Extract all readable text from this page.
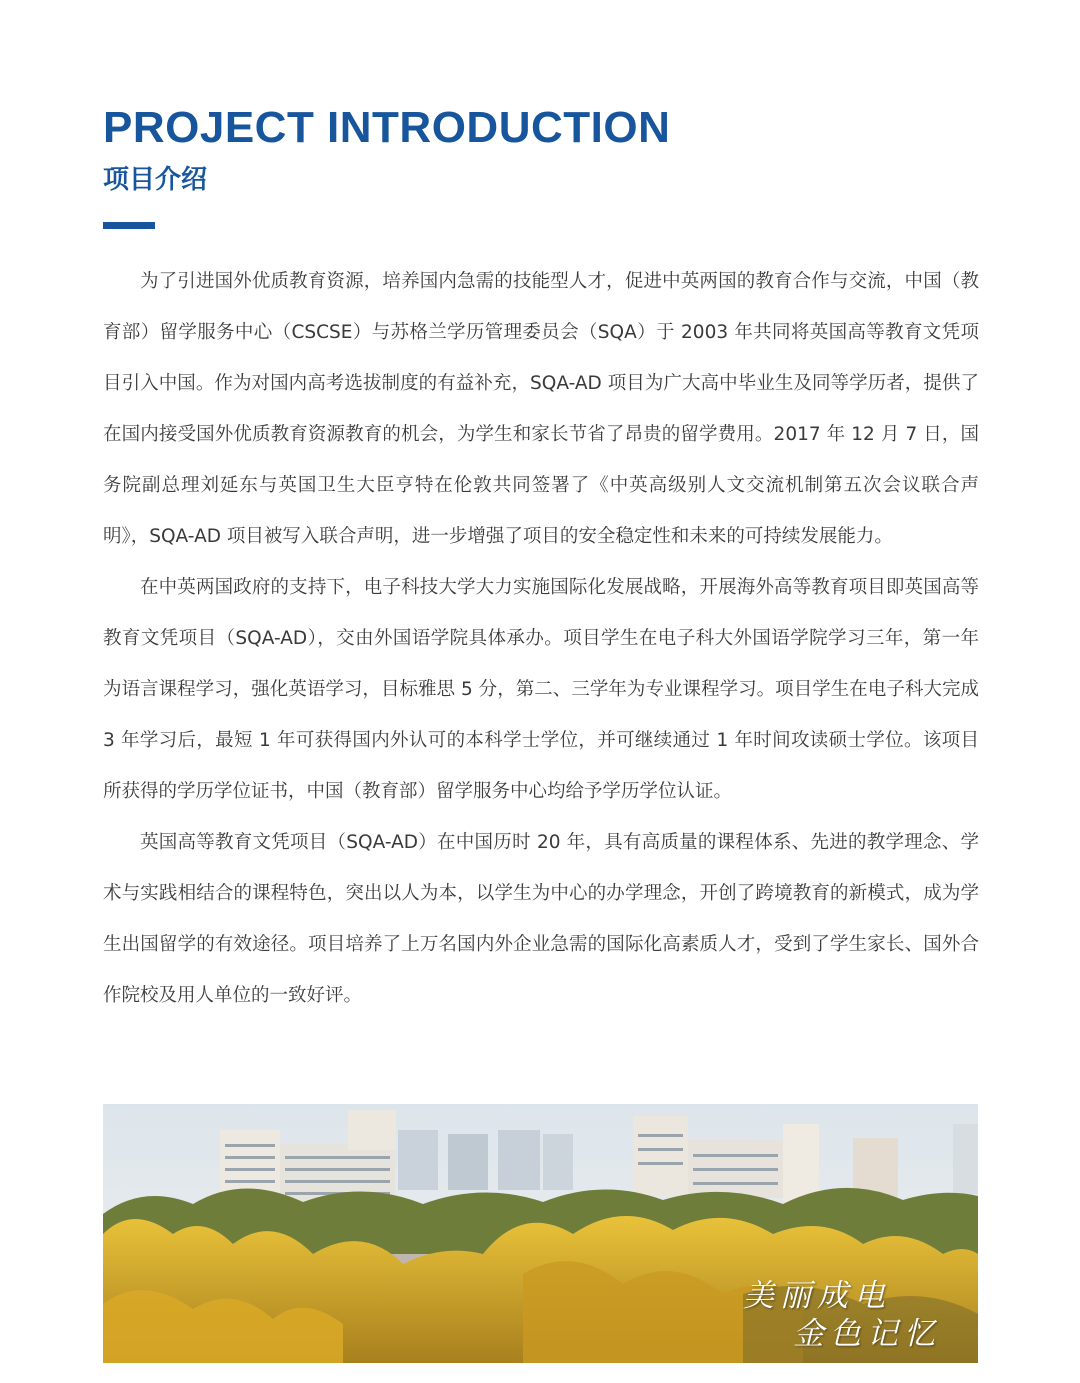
PROJECT INTRODUCTION
项目介绍

为了引进国外优质教育资源，培养国内急需的技能型人才，促进中英两国的教育合作与交流，中国（教育部）留学服务中心（CSCSE）与苏格兰学历管理委员会（SQA）于 2003 年共同将英国高等教育文凭项目引入中国。作为对国内高考选拔制度的有益补充，SQA-AD 项目为广大高中毕业生及同等学历者，提供了在国内接受国外优质教育资源教育的机会，为学生和家长节省了昂贵的留学费用。2017 年 12 月 7 日，国务院副总理刘延东与英国卫生大臣亨特在伦敦共同签署了《中英高级别人文交流机制第五次会议联合声明》，SQA-AD 项目被写入联合声明，进一步增强了项目的安全稳定性和未来的可持续发展能力。

在中英两国政府的支持下，电子科技大学大力实施国际化发展战略，开展海外高等教育项目即英国高等教育文凭项目（SQA-AD），交由外国语学院具体承办。项目学生在电子科大外国语学院学习三年，第一年为语言课程学习，强化英语学习，目标雅思 5 分，第二、三学年为专业课程学习。项目学生在电子科大完成 3 年学习后，最短 1 年可获得国内外认可的本科学士学位，并可继续通过 1 年时间攻读硕士学位。该项目所获得的学历学位证书，中国（教育部）留学服务中心均给予学历学位认证。

英国高等教育文凭项目（SQA-AD）在中国历时 20 年，具有高质量的课程体系、先进的教学理念、学术与实践相结合的课程特色，突出以人为本，以学生为中心的办学理念，开创了跨境教育的新模式，成为学生出国留学的有效途径。项目培养了上万名国内外企业急需的国际化高素质人才，受到了学生家长、国外合作院校及用人单位的一致好评。

美丽成电
金色记忆
